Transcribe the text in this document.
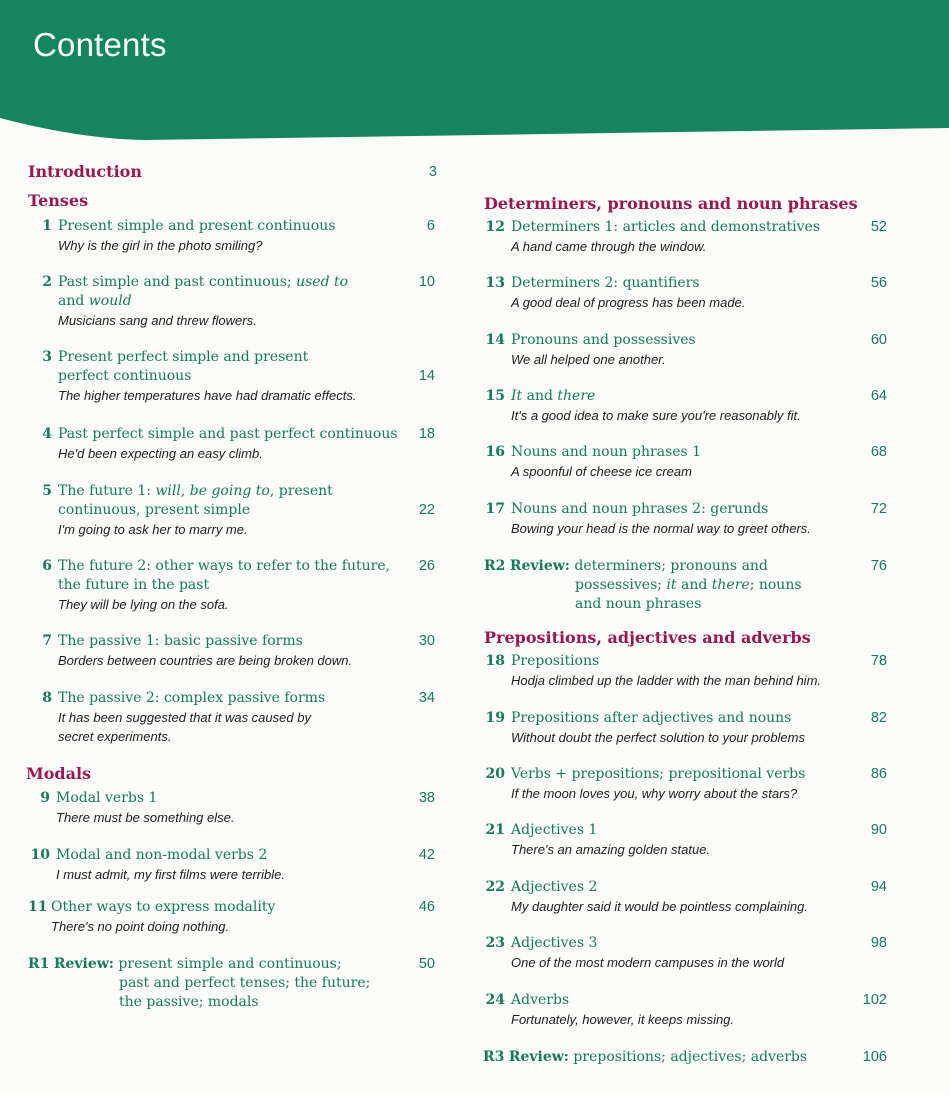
Contents
Introduction	3
Tenses
1 Present simple and present continuous
Why is the girl in the photo smiling?
6
2 Past simple and past continuous; used to
and would
Musicians sang and threw flowers.
10
3 Present perfect simple and present
perfect continuous
The higher temperatures have had dramatic effects.
14
4 Past perfect simple and past perfect continuous
He'd been expecting an easy climb.
18
5 The future 1: will, be going to, present
continuous, present simple
I'm going to ask her to marry me.
22
6 The future 2: other ways to refer to the future,
the future in the past
They will be lying on the sofa.
26
7 The passive 1: basic passive forms
Borders between countries are being broken down.
30
8 The passive 2: complex passive forms
It has been suggested that it was caused by
secret experiments.
34
Modals
9 Modal verbs 1
There must be something else.
38
10 Modal and non-modal verbs 2
I must admit, my first films were terrible.
42
11 Other ways to express modality
There's no point doing nothing.
46
R1 Review: present simple and continuous;
past and perfect tenses; the future;
the passive; modals
50
Determiners, pronouns and noun phrases
12 Determiners 1: articles and demonstratives
A hand came through the window.
52
13 Determiners 2: quantifiers
A good deal of progress has been made.
56
14 Pronouns and possessives
We all helped one another.
60
15 It and there
It's a good idea to make sure you're reasonably fit.
64
16 Nouns and noun phrases 1
A spoonful of cheese ice cream
68
17 Nouns and noun phrases 2: gerunds
Bowing your head is the normal way to greet others.
72
R2 Review: determiners; pronouns and
possessives; it and there; nouns
and noun phrases
76
Prepositions, adjectives and adverbs
18 Prepositions
Hodja climbed up the ladder with the man behind him.
78
19 Prepositions after adjectives and nouns
Without doubt the perfect solution to your problems
82
20 Verbs + prepositions; prepositional verbs
If the moon loves you, why worry about the stars?
86
21 Adjectives 1
There's an amazing golden statue.
90
22 Adjectives 2
My daughter said it would be pointless complaining.
94
23 Adjectives 3
One of the most modern campuses in the world
98
24 Adverbs
Fortunately, however, it keeps missing.
102
R3 Review: prepositions; adjectives; adverbs	106
